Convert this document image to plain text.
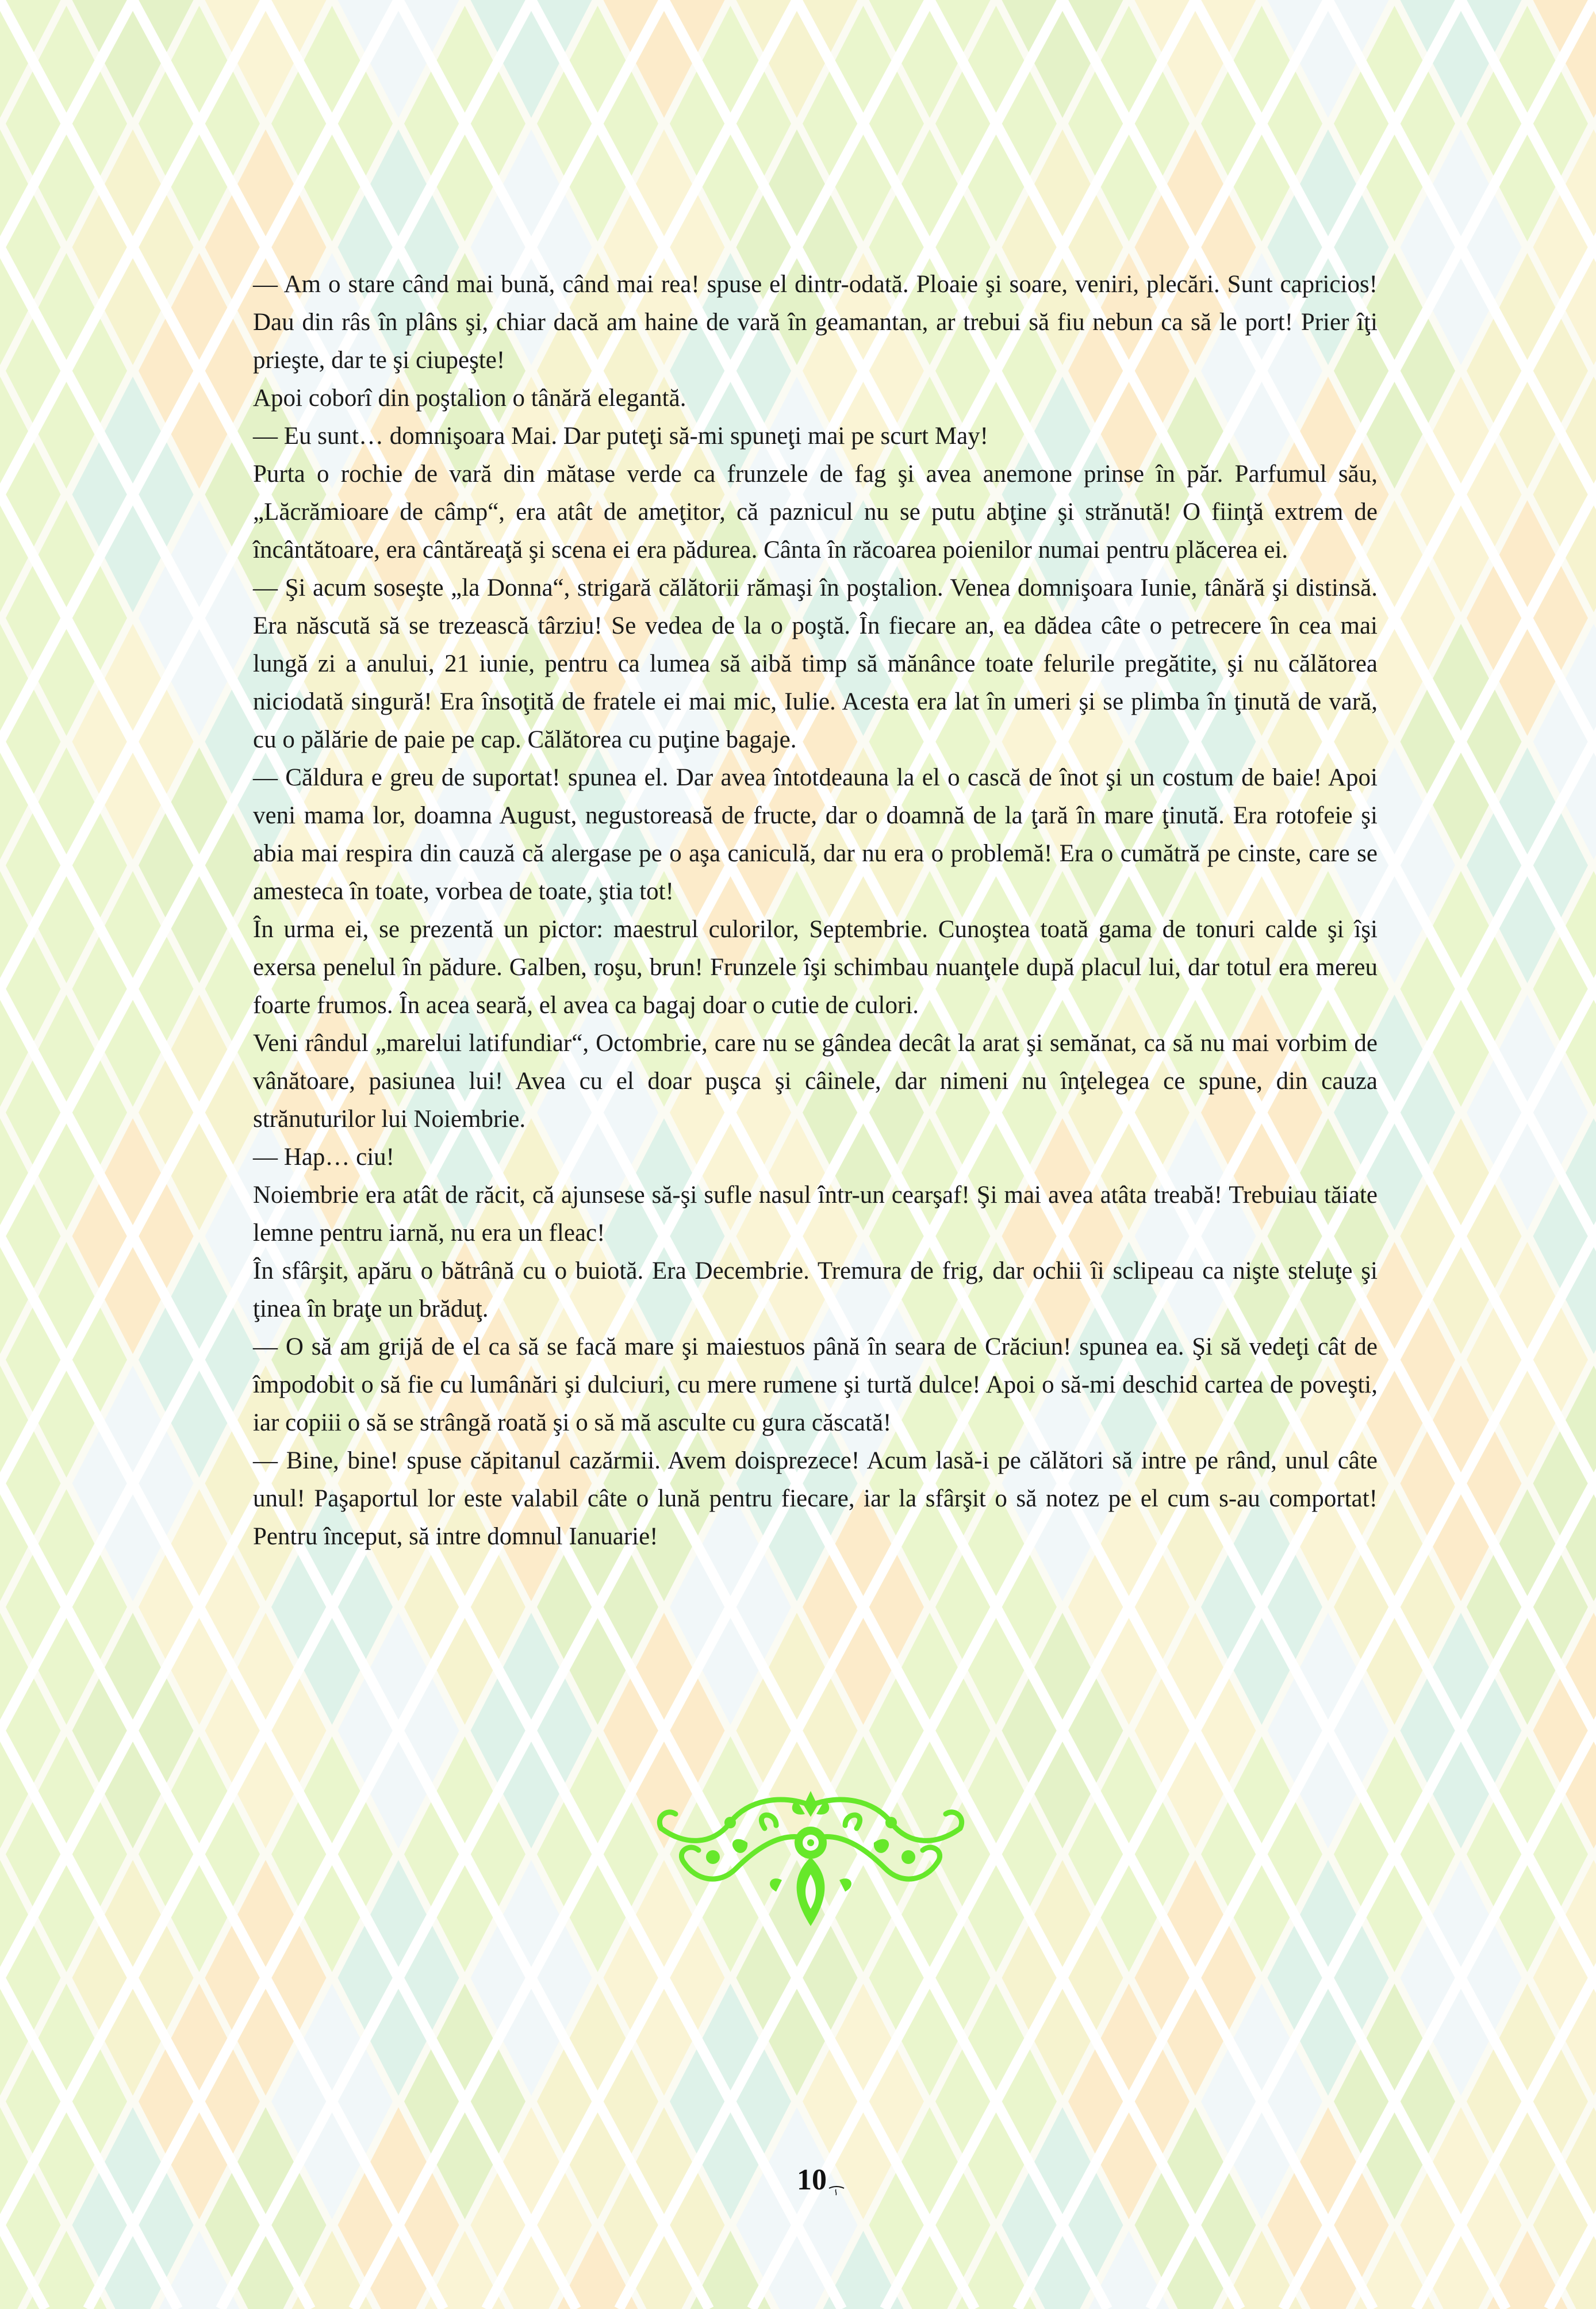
— Am o stare când mai bună, când mai rea! spuse el dintr-odată. Ploaie şi soare, veniri, plecări. Sunt capricios! Dau din râs în plâns şi, chiar dacă am haine de vară în geamantan, ar trebui să fiu nebun ca să le port! Prier îţi prieşte, dar te şi ciupeşte!

Apoi coborî din poştalion o tânără elegantă.

— Eu sunt… domnişoara Mai. Dar puteţi să-mi spuneţi mai pe scurt May!

Purta o rochie de vară din mătase verde ca frunzele de fag şi avea anemone prinse în păr. Parfumul său, „Lăcrămioare de câmp“, era atât de ameţitor, că paznicul nu se putu abţine şi strănută! O fiinţă extrem de încântătoare, era cântăreaţă şi scena ei era pădurea. Cânta în răcoarea poienilor numai pentru plăcerea ei.

— Şi acum soseşte „la Donna“, strigară călătorii rămaşi în poştalion. Venea domnişoara Iunie, tânără şi distinsă. Era născută să se trezească târziu! Se vedea de la o poştă. În fiecare an, ea dădea câte o petrecere în cea mai lungă zi a anului, 21 iunie, pentru ca lumea să aibă timp să mănânce toate felurile pregătite, şi nu călătorea niciodată singură! Era însoţită de fratele ei mai mic, Iulie. Acesta era lat în umeri şi se plimba în ţinută de vară, cu o pălărie de paie pe cap. Călătorea cu puţine bagaje.

— Căldura e greu de suportat! spunea el. Dar avea întotdeauna la el o cască de înot şi un costum de baie! Apoi veni mama lor, doamna August, negustoreasă de fructe, dar o doamnă de la ţară în mare ţinută. Era rotofeie şi abia mai respira din cauză că alergase pe o aşa caniculă, dar nu era o problemă! Era o cumătră pe cinste, care se amesteca în toate, vorbea de toate, ştia tot!

În urma ei, se prezentă un pictor: maestrul culorilor, Septembrie. Cunoştea toată gama de tonuri calde şi îşi exersa penelul în pădure. Galben, roşu, brun! Frunzele îşi schimbau nuanţele după placul lui, dar totul era mereu foarte frumos. În acea seară, el avea ca bagaj doar o cutie de culori.

Veni rândul „marelui latifundiar“, Octombrie, care nu se gândea decât la arat şi semănat, ca să nu mai vorbim de vânătoare, pasiunea lui! Avea cu el doar puşca şi câinele, dar nimeni nu înţelegea ce spune, din cauza strănuturilor lui Noiembrie.

— Hap… ciu!

Noiembrie era atât de răcit, că ajunsese să-şi sufle nasul într-un cearşaf! Şi mai avea atâta treabă! Trebuiau tăiate lemne pentru iarnă, nu era un fleac!

În sfârşit, apăru o bătrână cu o buiotă. Era Decembrie. Tremura de frig, dar ochii îi sclipeau ca nişte steluţe şi ţinea în braţe un brăduţ.

— O să am grijă de el ca să se facă mare şi maiestuos până în seara de Crăciun! spunea ea. Şi să vedeţi cât de împodobit o să fie cu lumânări şi dulciuri, cu mere rumene şi turtă dulce! Apoi o să-mi deschid cartea de poveşti, iar copiii o să se strângă roată şi o să mă asculte cu gura căscată!

— Bine, bine! spuse căpitanul cazărmii. Avem doisprezece! Acum lasă-i pe călători să intre pe rând, unul câte unul! Paşaportul lor este valabil câte o lună pentru fiecare, iar la sfârşit o să notez pe el cum s-au comportat! Pentru început, să intre domnul Ianuarie!

10
